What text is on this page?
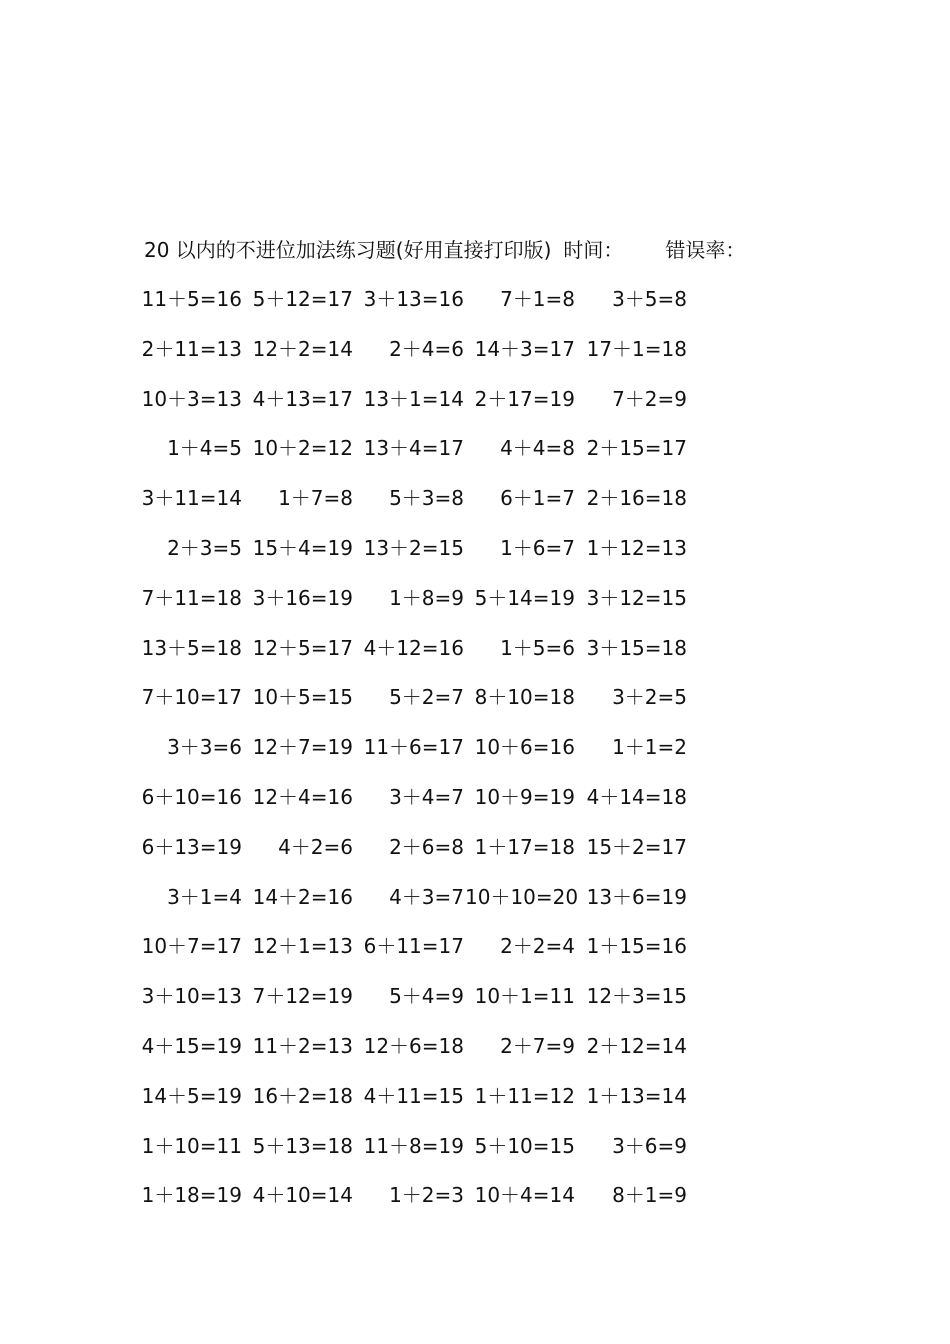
20 以内的不进位加法练习题(好用直接打印版) 时间： 错误率：
11＋5=16 5＋12=17 3＋13=16	7＋1=8	3＋5=8
2＋11=13 12＋2=14	2＋4=6 14＋3=17 17＋1=18
10＋3=13 4＋13=17 13＋1=14 2＋17=19	7＋2=9
1＋4=5 10＋2=12 13＋4=17	4＋4=8 2＋15=17
3＋11=14	1＋7=8	5＋3=8	6＋1=7 2＋16=18
2＋3=5 15＋4=19 13＋2=15	1＋6=7 1＋12=13
7＋11=18 3＋16=19	1＋8=9 5＋14=19 3＋12=15
13＋5=18 12＋5=17 4＋12=16	1＋5=6 3＋15=18
7＋10=17 10＋5=15	5＋2=7 8＋10=18	3＋2=5
3＋3=6 12＋7=19 11＋6=17 10＋6=16	1＋1=2
6＋10=16 12＋4=16	3＋4=7 10＋9=19 4＋14=18
6＋13=19	4＋2=6	2＋6=8 1＋17=18 15＋2=17
3＋1=4 14＋2=16	4＋3=7 10＋10=20 13＋6=19
10＋7=17 12＋1=13 6＋11=17	2＋2=4 1＋15=16
3＋10=13 7＋12=19	5＋4=9 10＋1=11 12＋3=15
4＋15=19 11＋2=13 12＋6=18	2＋7=9 2＋12=14
14＋5=19 16＋2=18 4＋11=15 1＋11=12 1＋13=14
1＋10=11 5＋13=18 11＋8=19 5＋10=15	3＋6=9
1＋18=19 4＋10=14	1＋2=3 10＋4=14	8＋1=9
